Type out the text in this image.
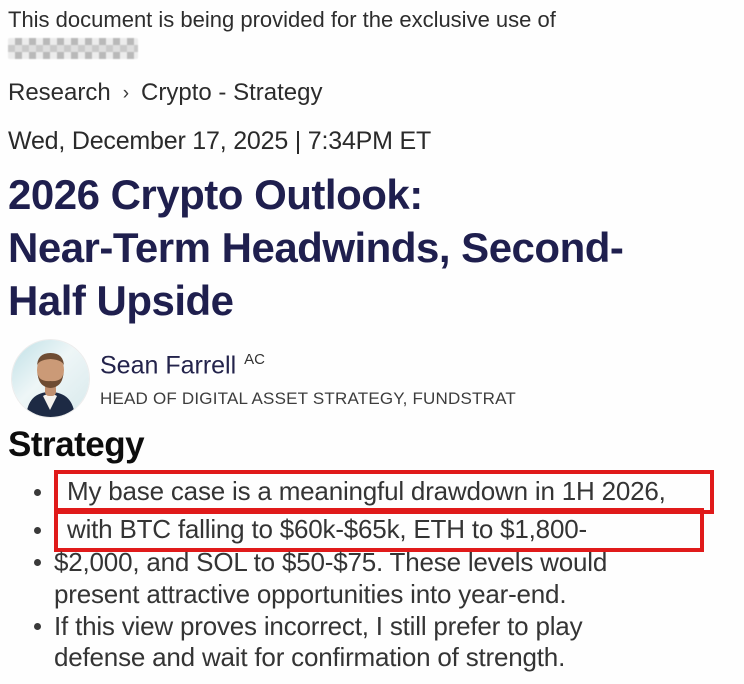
This document is being provided for the exclusive use of
Research › Crypto - Strategy
Wed, December 17, 2025 | 7:34PM ET
2026 Crypto Outlook:
Near-Term Headwinds, Second-
Half Upside
Sean Farrell $^{AC}$
HEAD OF DIGITAL ASSET STRATEGY, FUNDSTRAT
Strategy
My base case is a meaningful drawdown in 1H 2026,
with BTC falling to $60k-$65k, ETH to $1,800-
$2,000, and SOL to $50-$75. These levels would
present attractive opportunities into year-end.
If this view proves incorrect, I still prefer to play
defense and wait for confirmation of strength.
